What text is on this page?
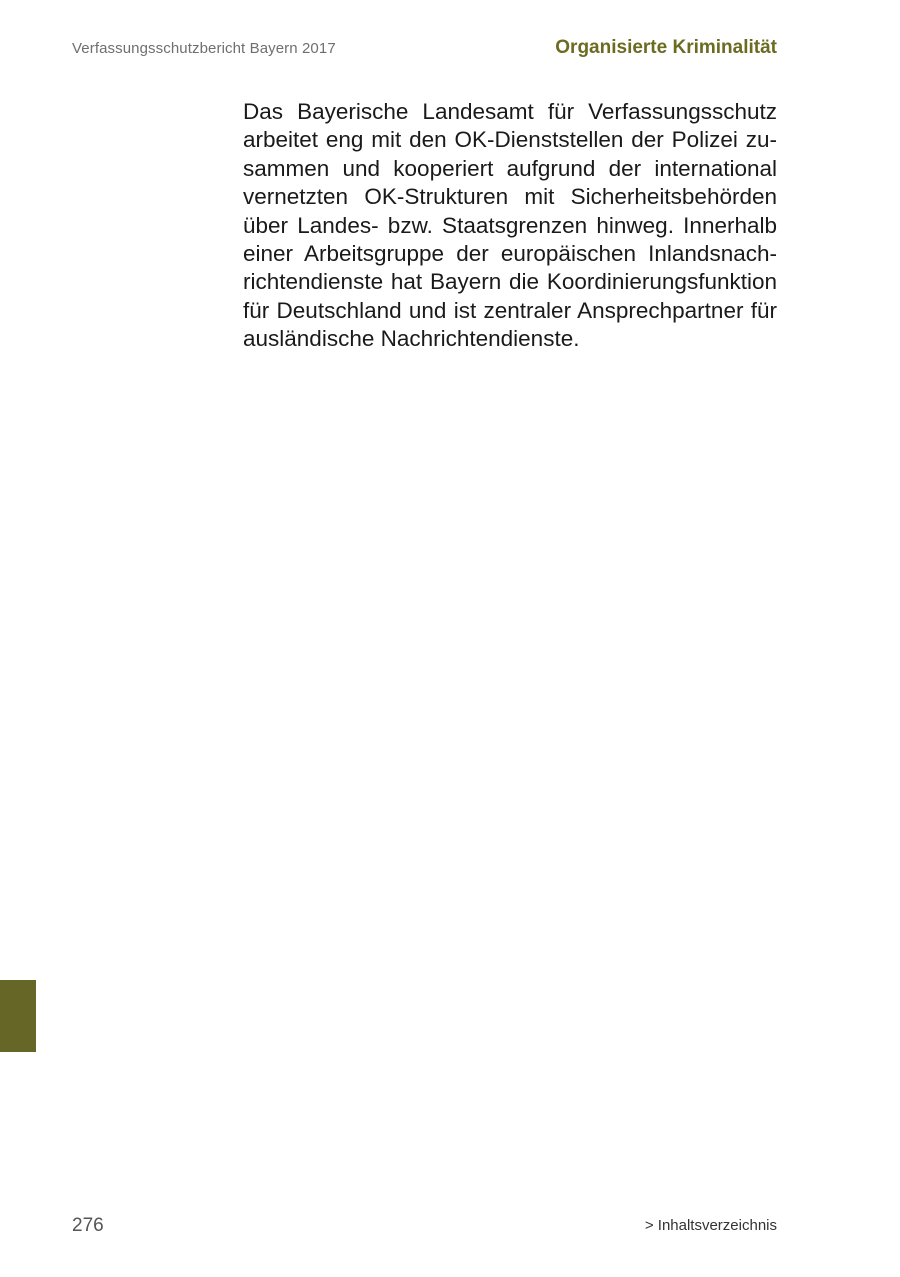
Verfassungsschutzbericht Bayern 2017	Organisierte Kriminalität

Das Bayerische Landesamt für Verfassungsschutz arbeitet eng mit den OK-Dienststellen der Polizei zusammen und kooperiert aufgrund der international vernetzten OK-Strukturen mit Sicherheitsbehörden über Landes- bzw. Staatsgrenzen hinweg. Innerhalb einer Arbeitsgruppe der europäischen Inlandsnachrichtendienste hat Bayern die Koordinierungsfunktion für Deutschland und ist zentraler Ansprechpartner für ausländische Nachrichtendienste.

276	> Inhaltsverzeichnis
